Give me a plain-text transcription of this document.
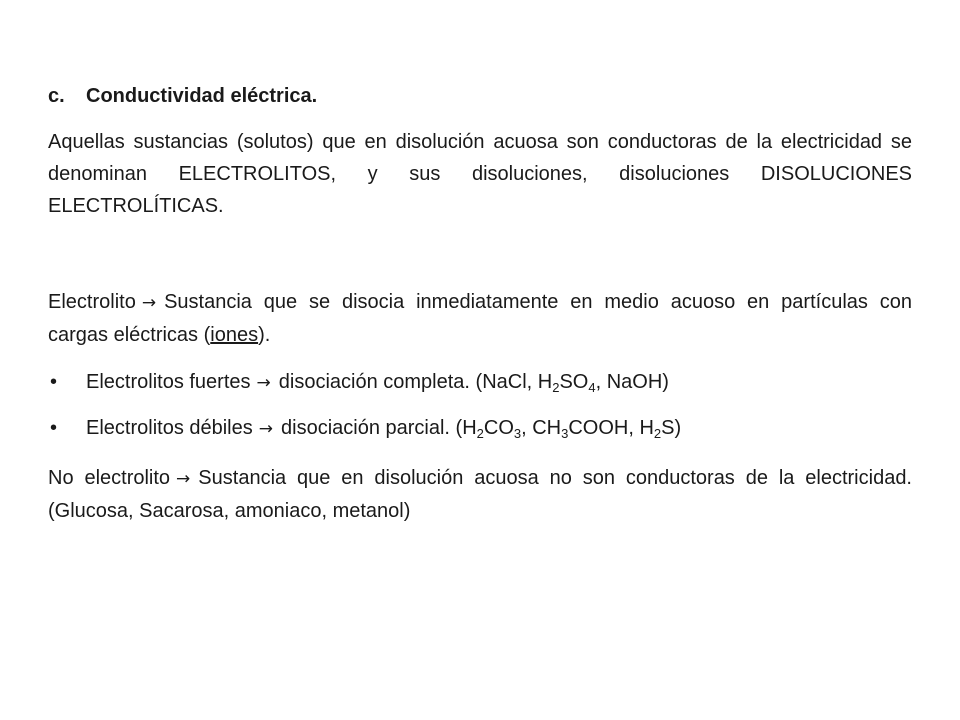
c. Conductividad eléctrica.
Aquellas sustancias (solutos) que en disolución acuosa son conductoras de la electricidad se denominan ELECTROLITOS, y sus disoluciones, disoluciones DISOLUCIONES ELECTROLÍTICAS.
Electrolito → Sustancia que se disocia inmediatamente en medio acuoso en partículas con cargas eléctricas (iones).
• Electrolitos fuertes → disociación completa. (NaCl, $H_2SO_4$, NaOH)
• Electrolitos débiles → disociación parcial. ($H_2CO_3$, $CH_3COOH$, $H_2S$)
No electrolito → Sustancia que en disolución acuosa no son conductoras de la electricidad. (Glucosa, Sacarosa, amoniaco, metanol)
